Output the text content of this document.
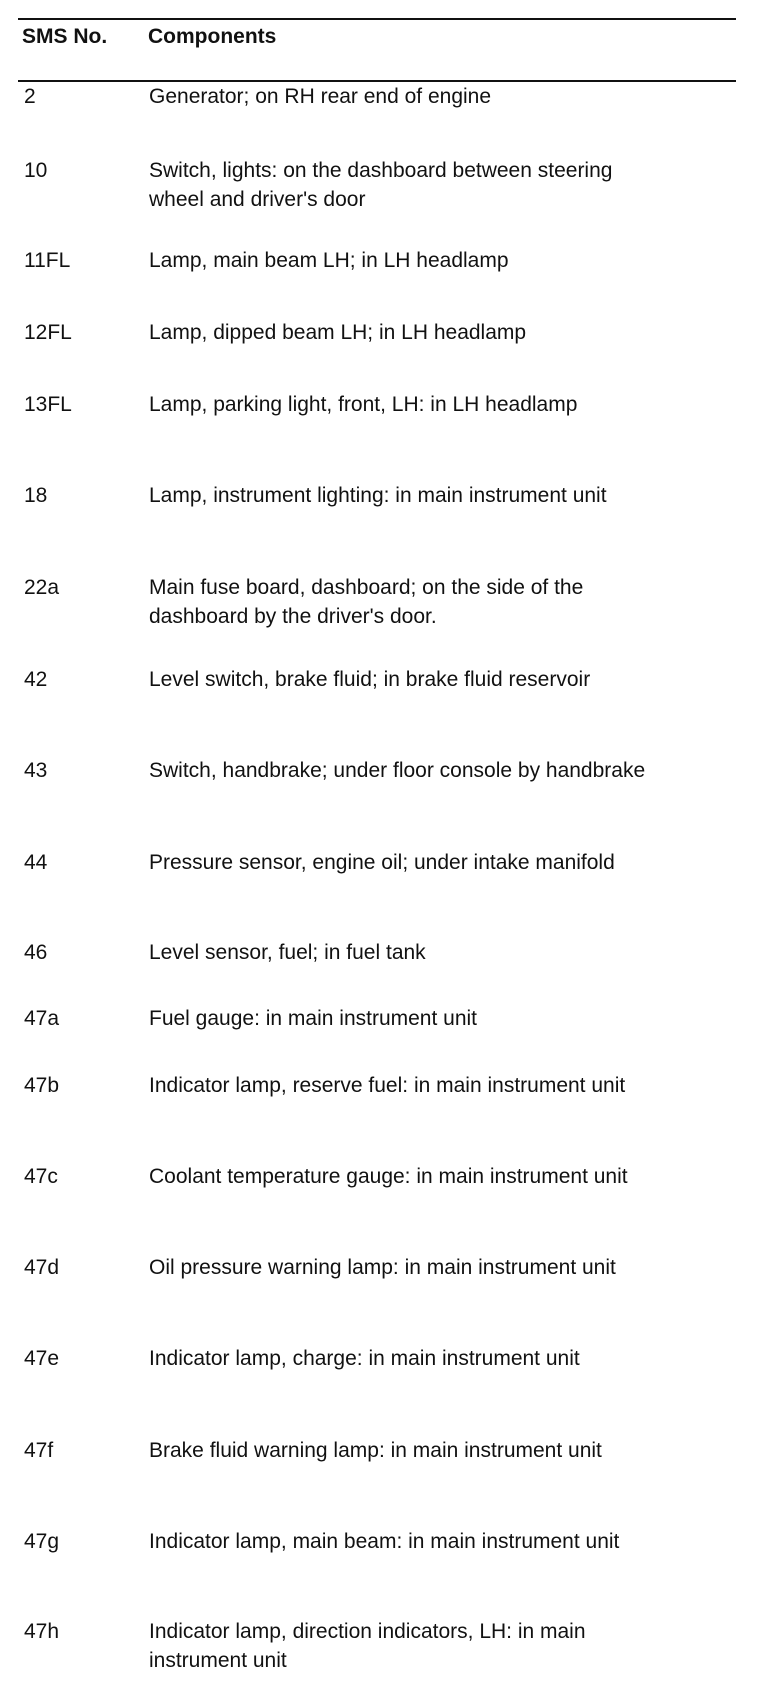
SMS No. Components
2	Generator; on RH rear end of engine
10	Switch, lights: on the dashboard between steering wheel and driver's door
11FL	Lamp, main beam LH; in LH headlamp
12FL	Lamp, dipped beam LH; in LH headlamp
13FL	Lamp, parking light, front, LH: in LH headlamp
18	Lamp, instrument lighting: in main instrument unit
22a	Main fuse board, dashboard; on the side of the dashboard by the driver's door.
42	Level switch, brake fluid; in brake fluid reservoir
43	Switch, handbrake; under floor console by handbrake
44	Pressure sensor, engine oil; under intake manifold
46	Level sensor, fuel; in fuel tank
47a	Fuel gauge: in main instrument unit
47b	Indicator lamp, reserve fuel: in main instrument unit
47c	Coolant temperature gauge: in main instrument unit
47d	Oil pressure warning lamp: in main instrument unit
47e	Indicator lamp, charge: in main instrument unit
47f	Brake fluid warning lamp: in main instrument unit
47g	Indicator lamp, main beam: in main instrument unit
47h	Indicator lamp, direction indicators, LH: in main instrument unit
